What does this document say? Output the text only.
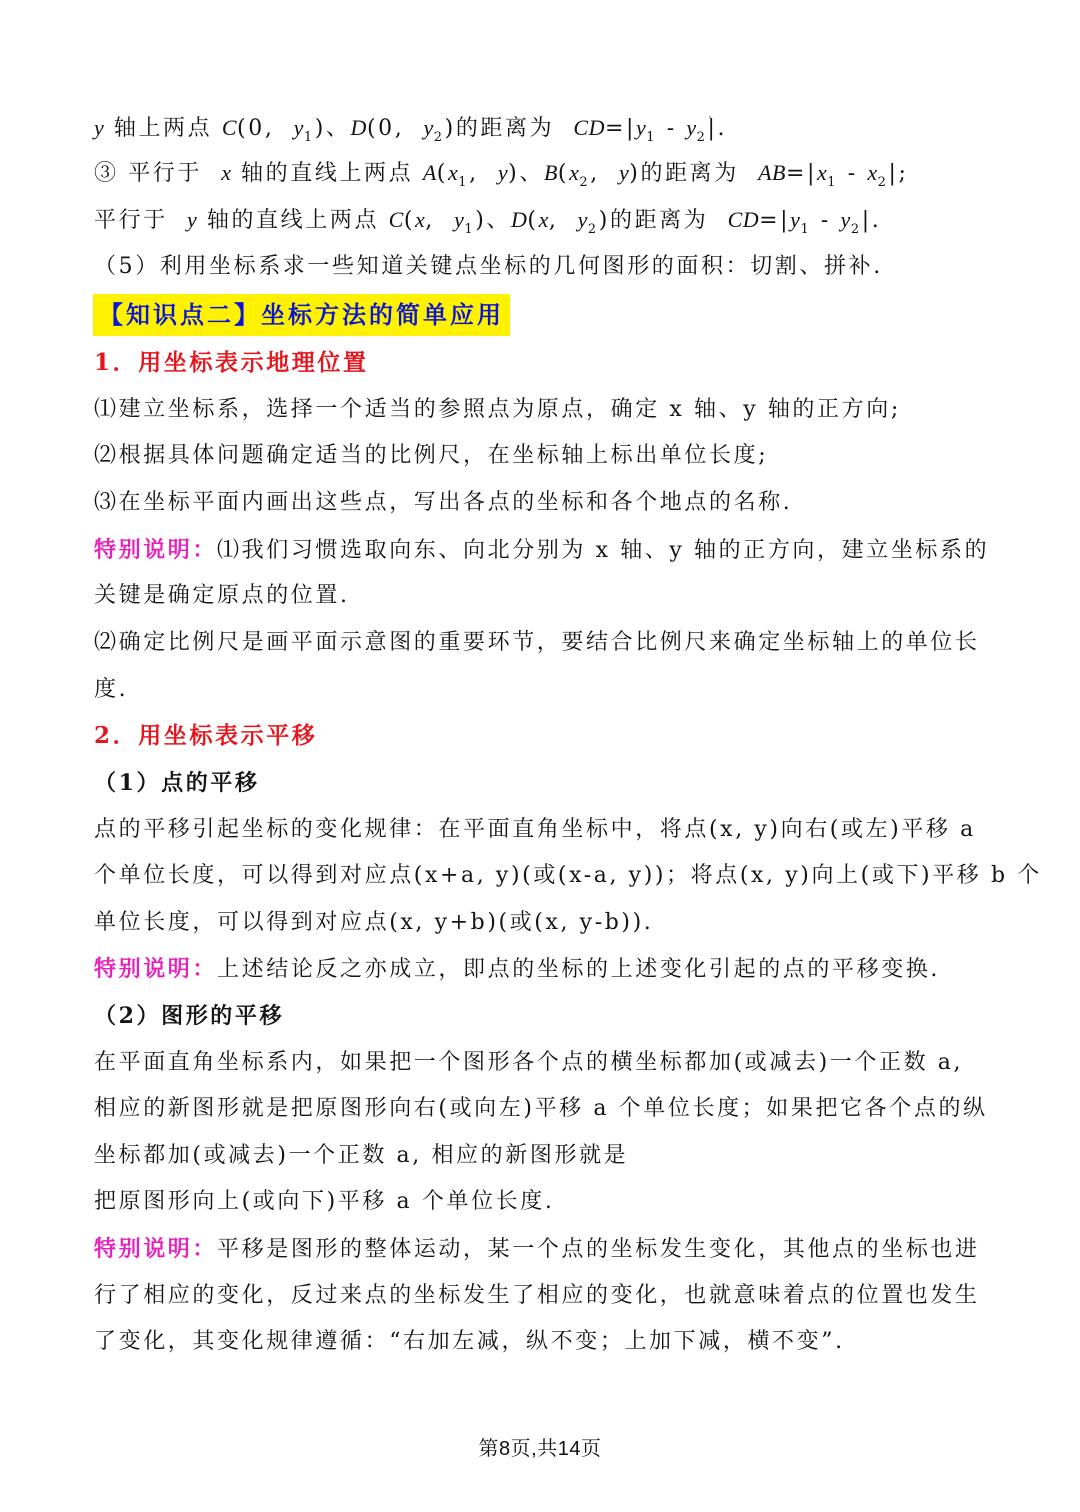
y 轴上两点 C(0,  $y_1$)、D(0,  $y_2$)的距离为  $CD=|y_1 - y_2|$.
③ 平行于  x 轴的直线上两点 $A(x_1$,  y)、$B(x_2$,  y)的距离为  $AB=|x_1 - x_2|$;
平行于  y 轴的直线上两点 C(x,  $y_1$)、D(x,  $y_2$)的距离为  $CD=|y_1 - y_2|$.
（5）利用坐标系求一些知道关键点坐标的几何图形的面积：切割、拼补.
【知识点二】坐标方法的简单应用
1．用坐标表示地理位置
⑴建立坐标系，选择一个适当的参照点为原点，确定 x 轴、y 轴的正方向;
⑵根据具体问题确定适当的比例尺，在坐标轴上标出单位长度;
⑶在坐标平面内画出这些点，写出各点的坐标和各个地点的名称.
特别说明：⑴我们习惯选取向东、向北分别为 x 轴、y 轴的正方向，建立坐标系的
关键是确定原点的位置.
⑵确定比例尺是画平面示意图的重要环节，要结合比例尺来确定坐标轴上的单位长
度.
2．用坐标表示平移
（1）点的平移
点的平移引起坐标的变化规律：在平面直角坐标中，将点(x, y)向右(或左)平移 a
个单位长度，可以得到对应点(x+a, y)(或(x-a, y))；将点(x, y)向上(或下)平移 b 个
单位长度，可以得到对应点(x, y+b)(或(x, y-b)).
特别说明：上述结论反之亦成立，即点的坐标的上述变化引起的点的平移变换.
（2）图形的平移
在平面直角坐标系内，如果把一个图形各个点的横坐标都加(或减去)一个正数 a,
相应的新图形就是把原图形向右(或向左)平移 a 个单位长度；如果把它各个点的纵
坐标都加(或减去)一个正数 a, 相应的新图形就是
把原图形向上(或向下)平移 a 个单位长度.
特别说明：平移是图形的整体运动，某一个点的坐标发生变化，其他点的坐标也进
行了相应的变化，反过来点的坐标发生了相应的变化，也就意味着点的位置也发生
了变化，其变化规律遵循：“右加左减，纵不变；上加下减，横不变”.
第8页,共14页
